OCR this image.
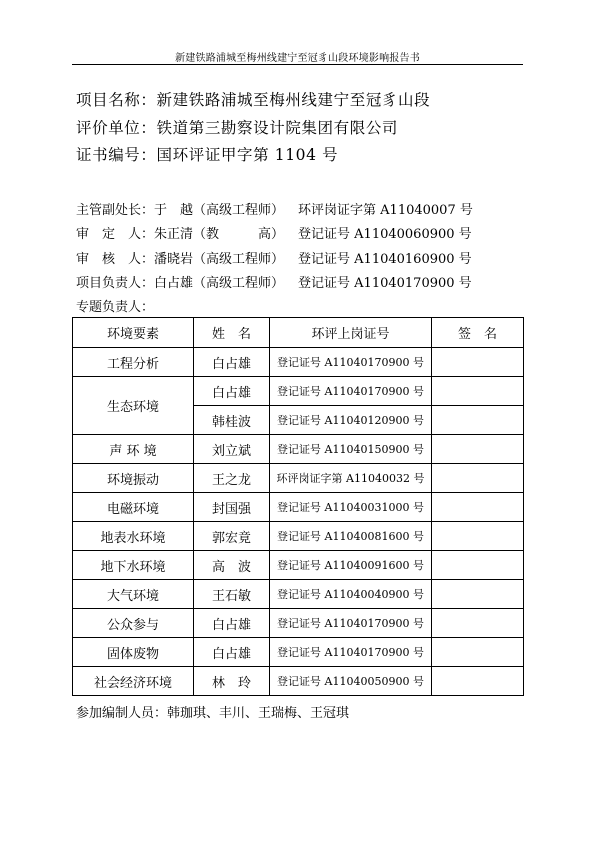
新建铁路浦城至梅州线建宁至冠豸山段环境影响报告书
项目名称：新建铁路浦城至梅州线建宁至冠豸山段
评价单位：铁道第三勘察设计院集团有限公司
证书编号：国环评证甲字第 1104 号
主管副处长：于　越（高级工程师） 环评岗证字第 A11040007 号
审　定　人：朱正清（教　　　高） 登记证号 A11040060900 号
审　核　人：潘晓岩（高级工程师） 登记证号 A11040160900 号
项目负责人：白占雄（高级工程师） 登记证号 A11040170900 号
专题负责人：
环境要素	姓　名	环评上岗证号	签　名
工程分析	白占雄	登记证号 A11040170900 号	
生态环境	白占雄	登记证号 A11040170900 号	
	韩桂波	登记证号 A11040120900 号	
声 环 境	刘立斌	登记证号 A11040150900 号	
环境振动	王之龙	环评岗证字第 A11040032 号	
电磁环境	封国强	登记证号 A11040031000 号	
地表水环境	郭宏竟	登记证号 A11040081600 号	
地下水环境	高　波	登记证号 A11040091600 号	
大气环境	王石敏	登记证号 A11040040900 号	
公众参与	白占雄	登记证号 A11040170900 号	
固体废物	白占雄	登记证号 A11040170900 号	
社会经济环境	林　玲	登记证号 A11040050900 号	
参加编制人员：韩珈琪、丰川、王瑞梅、王冠琪
